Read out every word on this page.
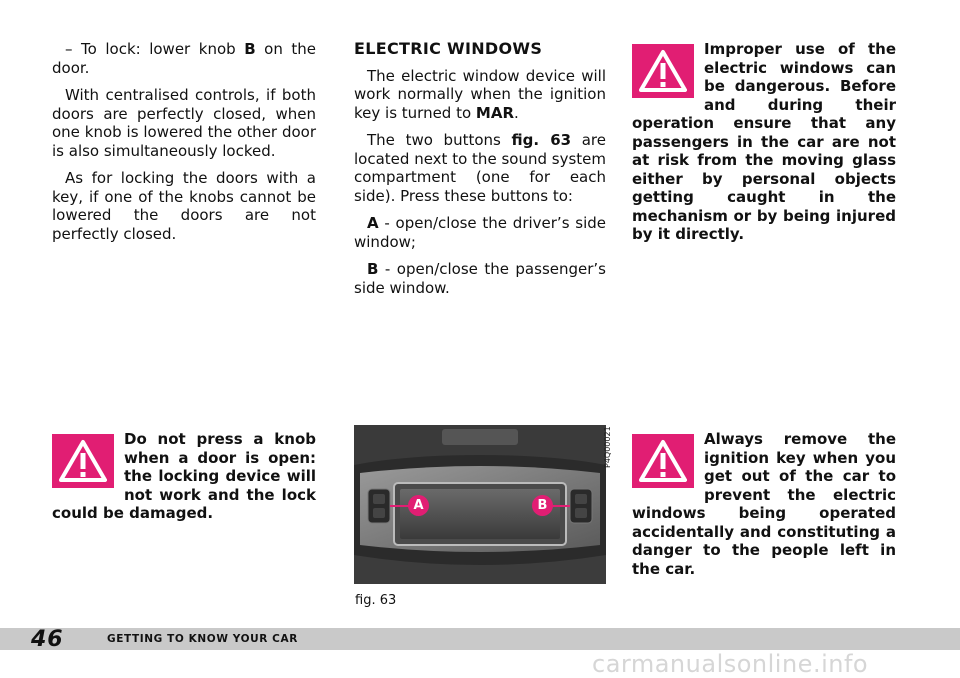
– To lock: lower knob B on the door.

With centralised controls, if both doors are perfectly closed, when one knob is lowered the other door is also simultaneously locked.

As for locking the doors with a key, if one of the knobs cannot be lowered the doors are not perfectly closed.

ELECTRIC WINDOWS

The electric window device will work normally when the ignition key is turned to MAR.

The two buttons fig. 63 are located next to the sound system compartment (one for each side). Press these buttons to:

A - open/close the driver’s side window;

B - open/close the passenger’s side window.

Improper use of the electric windows can be dangerous. Before and during their operation ensure that any passengers in the car are not at risk from the moving glass either by personal objects getting caught in the mechanism or by being injured by it directly.
Do not press a knob when a door is open: the locking device will not work and the lock could be damaged.
Always remove the ignition key when you get out of the car to prevent the electric windows being operated accidentally and constituting a danger to the people left in the car.
A	B
P4Q00021
fig. 63
46	GETTING TO KNOW YOUR CAR
carmanualsonline.info
